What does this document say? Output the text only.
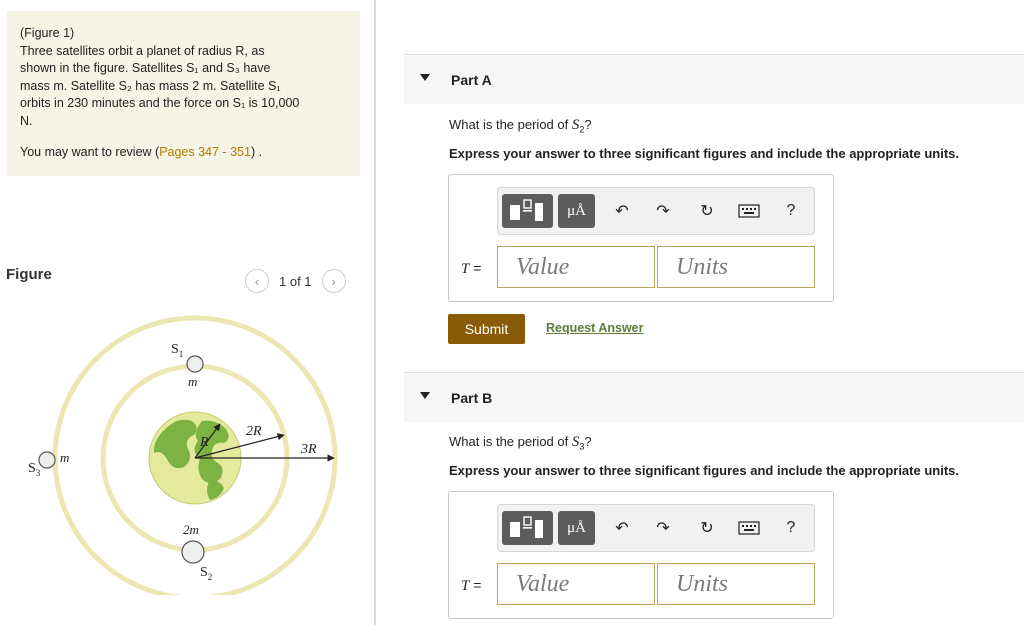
(Figure 1)

Three satellites orbit a planet of radius R, as

shown in the figure. Satellites S₁ and S₃ have

mass m. Satellite S₂ has mass 2 m. Satellite S₁

orbits in 230 minutes and the force on S₁ is 10,000

N.

You may want to review (Pages 347 - 351) .

Figure	‹	1 of 1	›
R
2R
3R
$S_1$
m
2m
$S_2$
$S_3$
m
Part A
What is the period of $S_2$?
Express your answer to three significant figures and include the appropriate units.
μÅ ↶ ↷ ↻	?
T =	Value	Units
Submit	Request Answer
Part B
What is the period of $S_3$?
Express your answer to three significant figures and include the appropriate units.
μÅ ↶ ↷ ↻	?
T =	Value	Units
